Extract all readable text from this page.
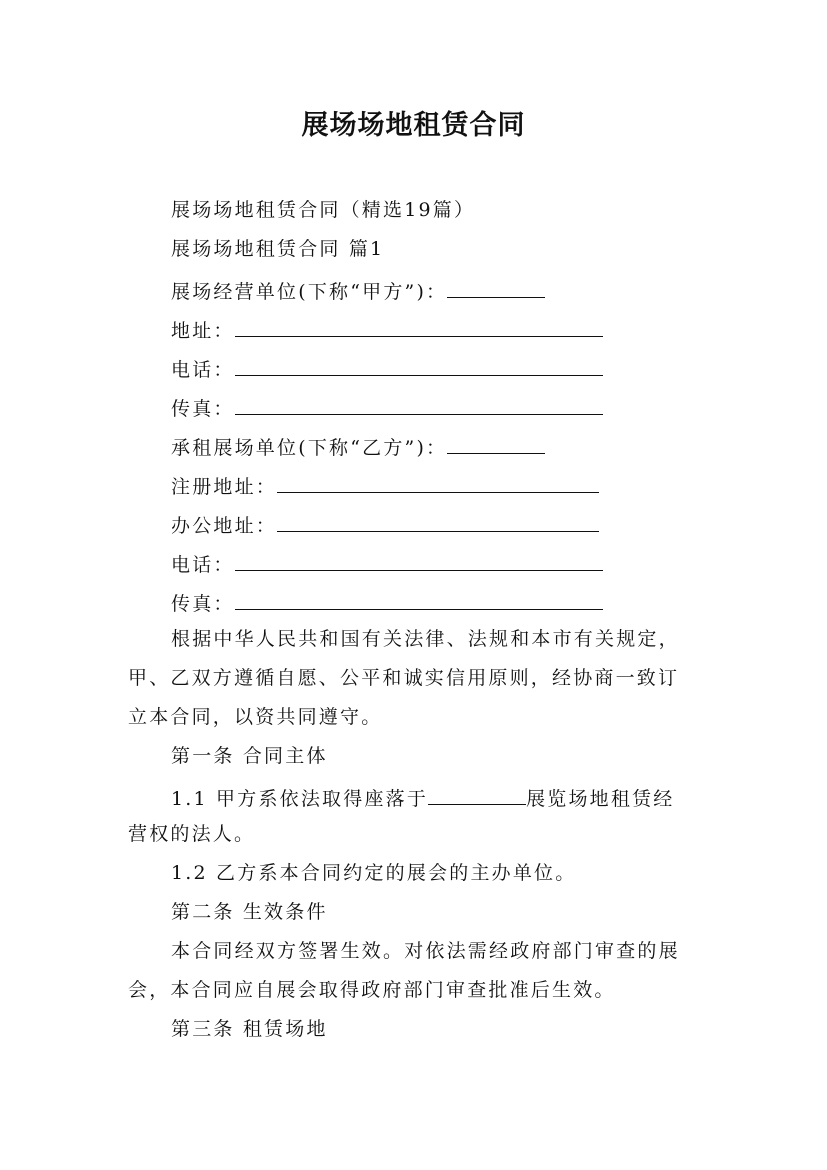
展场场地租赁合同
展场场地租赁合同（精选19篇）
展场场地租赁合同 篇1
展场经营单位(下称“甲方”)：
地址：
电话：
传真：
承租展场单位(下称“乙方”)：
注册地址：
办公地址：
电话：
传真：
根据中华人民共和国有关法律、法规和本市有关规定，
甲、乙双方遵循自愿、公平和诚实信用原则，经协商一致订
立本合同，以资共同遵守。
第一条 合同主体
1.1 甲方系依法取得座落于	展览场地租赁经
营权的法人。
1.2 乙方系本合同约定的展会的主办单位。
第二条 生效条件
本合同经双方签署生效。对依法需经政府部门审查的展
会，本合同应自展会取得政府部门审查批准后生效。
第三条 租赁场地
